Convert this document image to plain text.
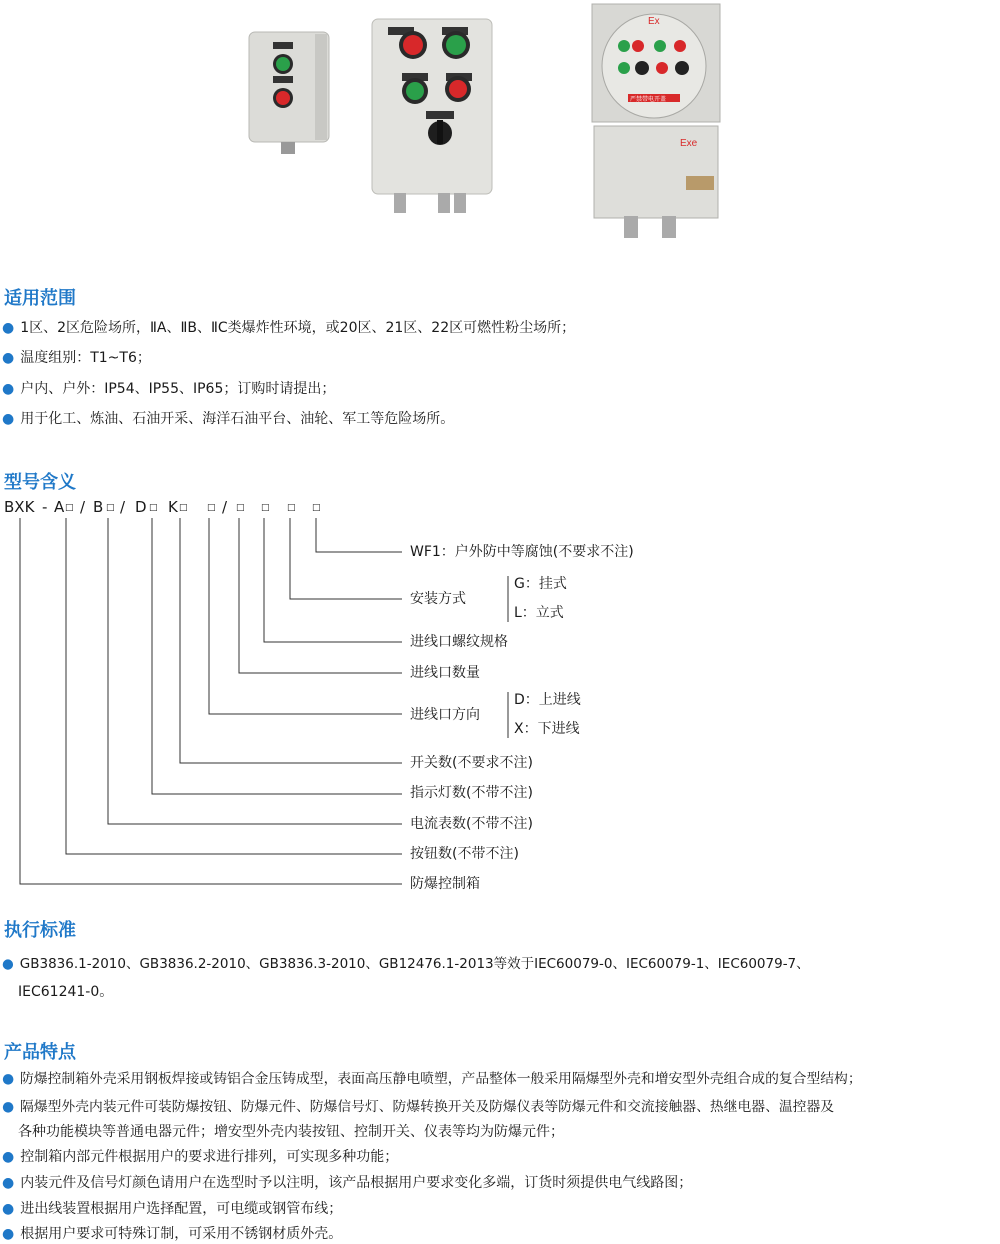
Ex
严禁带电开盖
Exe
适用范围
● 1区、2区危险场所，ⅡA、ⅡB、ⅡC类爆炸性环境，或20区、21区、22区可燃性粉尘场所；
● 温度组别：T1~T6；
● 户内、户外：IP54、IP55、IP65；订购时请提出；
● 用于化工、炼油、石油开采、海洋石油平台、油轮、军工等危险场所。
型号含义
BXK - A □ / B □ / D □ K □ □ / □ □ □ □
WF1：户外防中等腐蚀(不要求不注)
安装方式
G：挂式
L：立式
进线口螺纹规格
进线口数量
进线口方向
D：上进线
X：下进线
开关数(不要求不注)
指示灯数(不带不注)
电流表数(不带不注)
按钮数(不带不注)
防爆控制箱
执行标准
● GB3836.1-2010、GB3836.2-2010、GB3836.3-2010、GB12476.1-2013等效于IEC60079-0、IEC60079-1、IEC60079-7、
IEC61241-0。
产品特点
● 防爆控制箱外壳采用钢板焊接或铸铝合金压铸成型，表面高压静电喷塑，产品整体一般采用隔爆型外壳和增安型外壳组合成的复合型结构；
● 隔爆型外壳内装元件可装防爆按钮、防爆元件、防爆信号灯、防爆转换开关及防爆仪表等防爆元件和交流接触器、热继电器、温控器及
各种功能模块等普通电器元件；增安型外壳内装按钮、控制开关、仪表等均为防爆元件；
● 控制箱内部元件根据用户的要求进行排列，可实现多种功能；
● 内装元件及信号灯颜色请用户在选型时予以注明，该产品根据用户要求变化多端，订货时须提供电气线路图；
● 进出线装置根据用户选择配置，可电缆或钢管布线；
● 根据用户要求可特殊订制，可采用不锈钢材质外壳。
